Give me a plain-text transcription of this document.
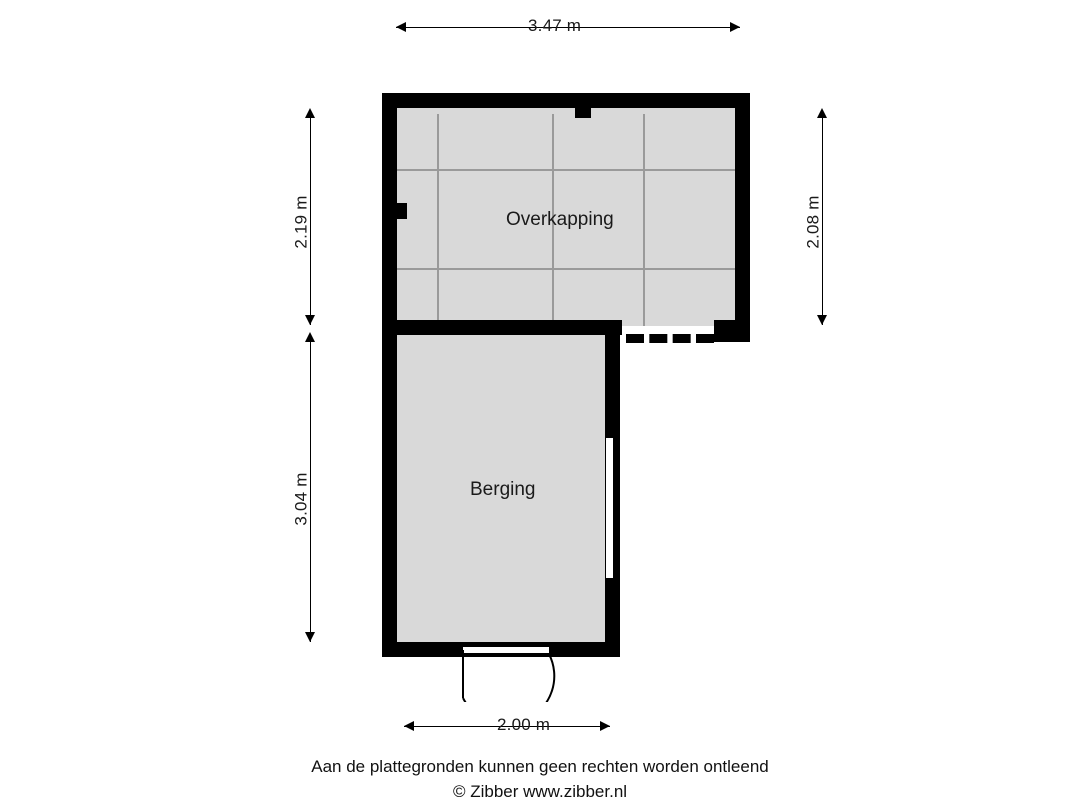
3.47 m
2.08 m
2.19 m
3.04 m
2.00 m
Overkapping
Berging
Aan de plattegronden kunnen geen rechten worden ontleend
© Zibber www.zibber.nl
